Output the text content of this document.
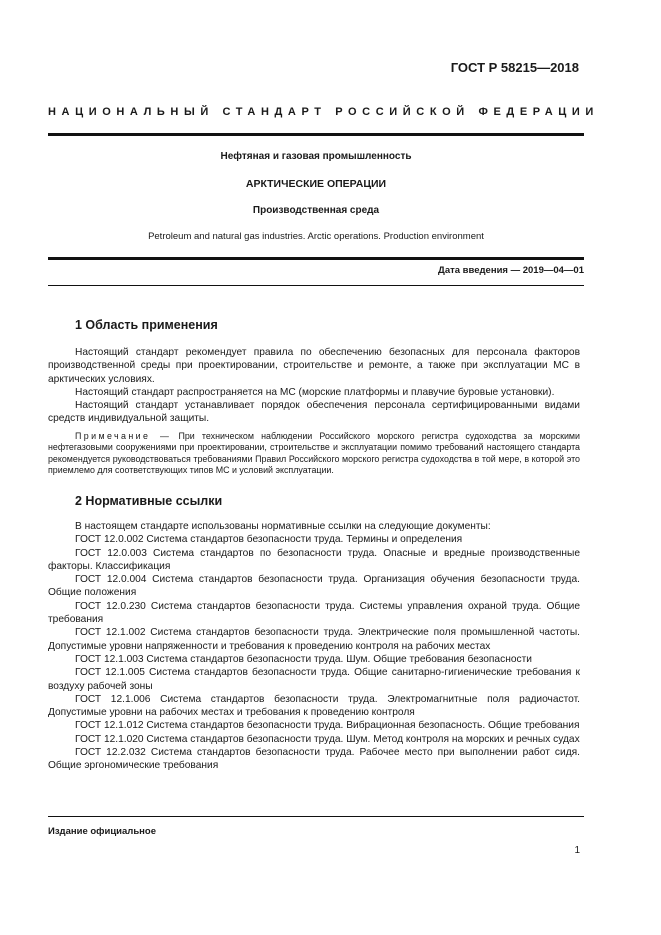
ГОСТ Р 58215—2018
НАЦИОНАЛЬНЫЙ СТАНДАРТ РОССИЙСКОЙ ФЕДЕРАЦИИ
Нефтяная и газовая промышленность
АРКТИЧЕСКИЕ ОПЕРАЦИИ
Производственная среда
Petroleum and natural gas industries. Arctic operations. Production environment
Дата введения — 2019—04—01
1 Область применения

Настоящий стандарт рекомендует правила по обеспечению безопасных для персонала факторов производственной среды при проектировании, строительстве и ремонте, а также при эксплуатации МС в арктических условиях.

Настоящий стандарт распространяется на МС (морские платформы и плавучие буровые установки).

Настоящий стандарт устанавливает порядок обеспечения персонала сертифицированными видами средств индивидуальной защиты.

Примечание — При техническом наблюдении Российского морского регистра судоходства за морскими нефтегазовыми сооружениями при проектировании, строительстве и эксплуатации помимо требований настоящего стандарта рекомендуется руководствоваться требованиями Правил Российского морского регистра судоходства в той мере, в которой это приемлемо для соответствующих типов МС и условий эксплуатации.

2 Нормативные ссылки

В настоящем стандарте использованы нормативные ссылки на следующие документы:

ГОСТ 12.0.002 Система стандартов безопасности труда. Термины и определения

ГОСТ 12.0.003 Система стандартов по безопасности труда. Опасные и вредные производственные факторы. Классификация

ГОСТ 12.0.004 Система стандартов безопасности труда. Организация обучения безопасности труда. Общие положения

ГОСТ 12.0.230 Система стандартов безопасности труда. Системы управления охраной труда. Общие требования

ГОСТ 12.1.002 Система стандартов безопасности труда. Электрические поля промышленной частоты. Допустимые уровни напряженности и требования к проведению контроля на рабочих местах

ГОСТ 12.1.003 Система стандартов безопасности труда. Шум. Общие требования безопасности

ГОСТ 12.1.005 Система стандартов безопасности труда. Общие санитарно-гигиенические требования к воздуху рабочей зоны

ГОСТ 12.1.006 Система стандартов безопасности труда. Электромагнитные поля радиочастот. Допустимые уровни на рабочих местах и требования к проведению контроля

ГОСТ 12.1.012 Система стандартов безопасности труда. Вибрационная безопасность. Общие требования

ГОСТ 12.1.020 Система стандартов безопасности труда. Шум. Метод контроля на морских и речных судах

ГОСТ 12.2.032 Система стандартов безопасности труда. Рабочее место при выполнении работ сидя. Общие эргономические требования

Издание официальное
1
